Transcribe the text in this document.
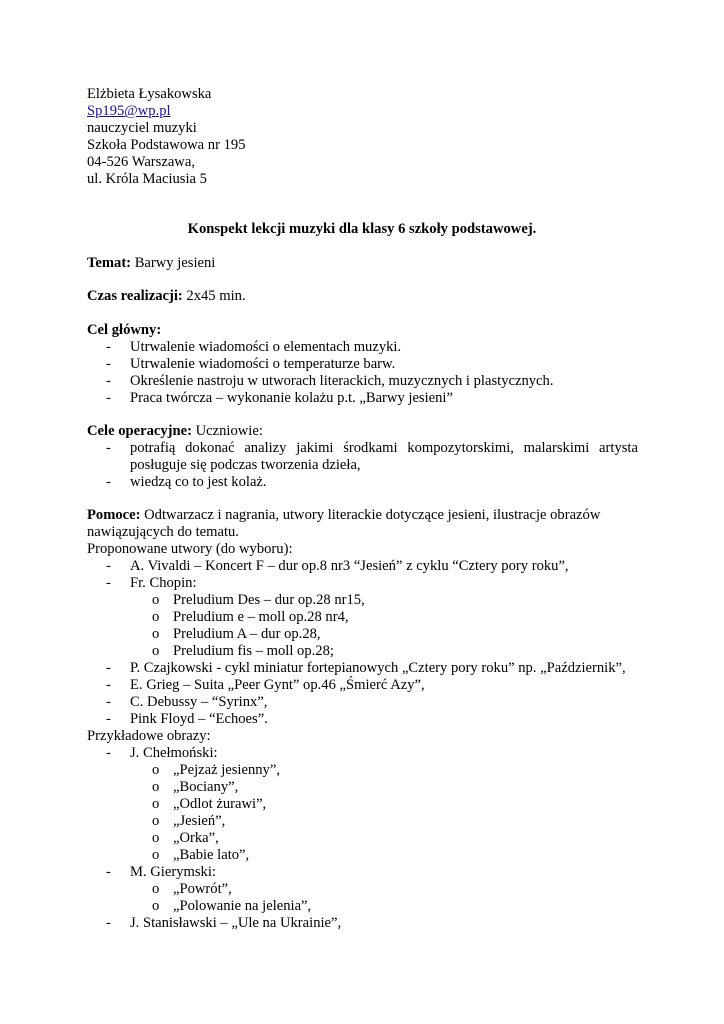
Elżbieta Łysakowska
Sp195@wp.pl
nauczyciel muzyki
Szkoła Podstawowa nr 195
04-526 Warszawa,
ul. Króla Maciusia 5
Konspekt lekcji muzyki dla klasy 6 szkoły podstawowej.
Temat: Barwy jesieni
Czas realizacji: 2x45 min.
Cel główny:
- Utrwalenie wiadomości o elementach muzyki.
- Utrwalenie wiadomości o temperaturze barw.
- Określenie nastroju w utworach literackich, muzycznych i plastycznych.
- Praca twórcza – wykonanie kolażu p.t. „Barwy jesieni”
Cele operacyjne: Uczniowie:
- potrafią dokonać analizy jakimi środkami kompozytorskimi, malarskimi artysta
posługuje się podczas tworzenia dzieła,
- wiedzą co to jest kolaż.
Pomoce: Odtwarzacz i nagrania, utwory literackie dotyczące jesieni, ilustracje obrazów
nawiązujących do tematu.
Proponowane utwory (do wyboru):
- A. Vivaldi – Koncert F – dur op.8 nr3 “Jesień” z cyklu “Cztery pory roku”,
- Fr. Chopin:
o Preludium Des – dur op.28 nr15,
o Preludium e – moll op.28 nr4,
o Preludium A – dur op.28,
o Preludium fis – moll op.28;
- P. Czajkowski - cykl miniatur fortepianowych „Cztery pory roku” np. „Październik”,
- E. Grieg – Suita „Peer Gynt” op.46 „Śmierć Azy”,
- C. Debussy – “Syrinx”,
- Pink Floyd – “Echoes”.
Przykładowe obrazy:
- J. Chełmoński:
o „Pejzaż jesienny”,
o „Bociany”,
o „Odlot żurawi”,
o „Jesień”,
o „Orka”,
o „Babie lato”,
- M. Gierymski:
o „Powrót”,
o „Polowanie na jelenia”,
- J. Stanisławski – „Ule na Ukrainie”,
